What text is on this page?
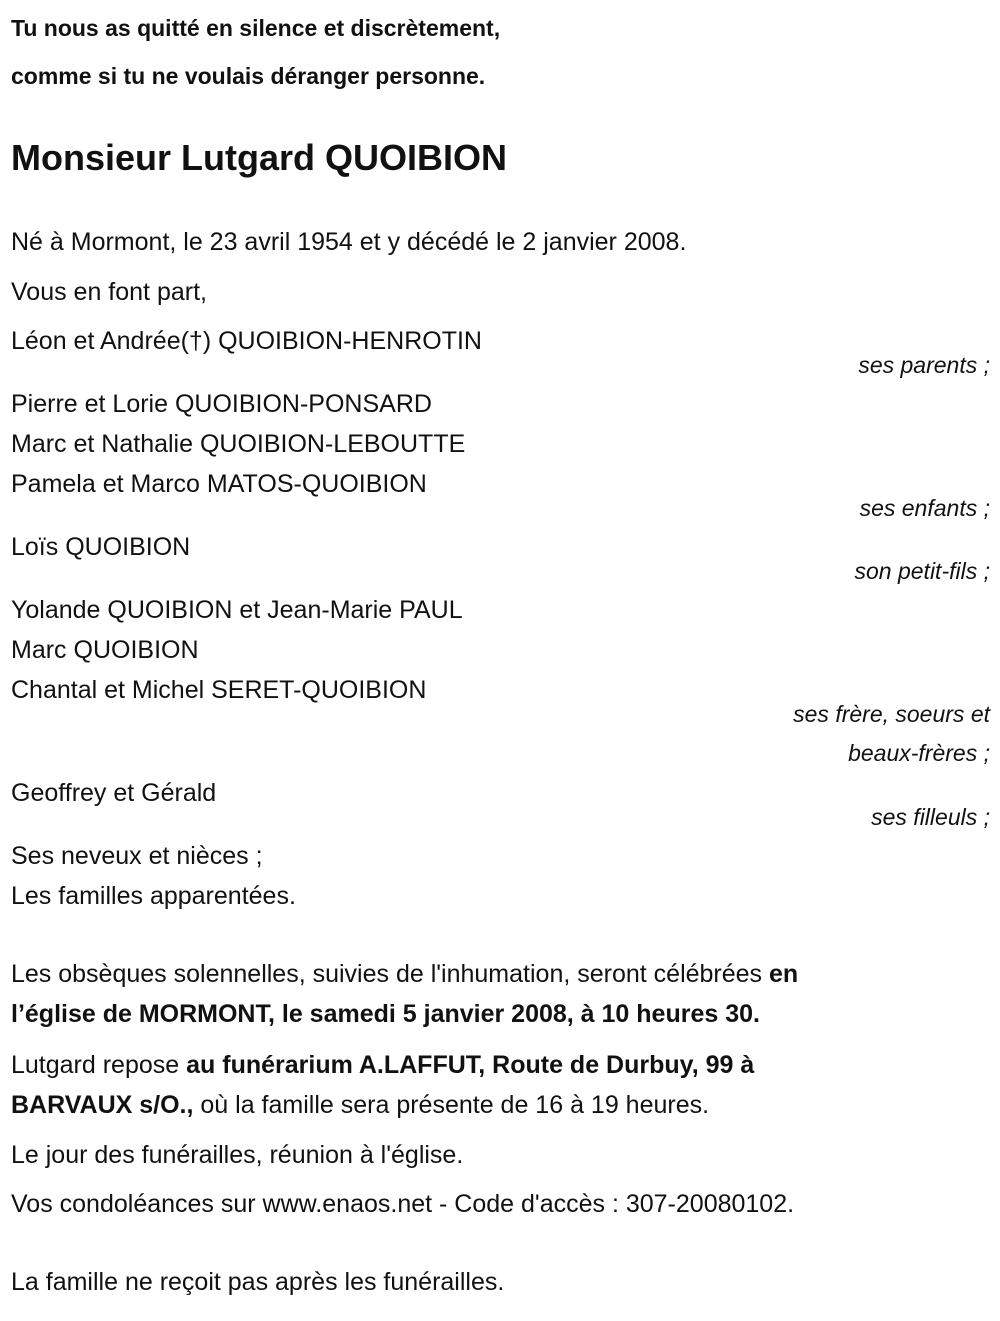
Tu nous as quitté en silence et discrètement,
comme si tu ne voulais déranger personne.
Monsieur Lutgard QUOIBION
Né à Mormont, le 23 avril 1954 et y décédé le 2 janvier 2008.
Vous en font part,
Léon et Andrée(†) QUOIBION-HENROTIN
ses parents ;
Pierre et Lorie QUOIBION-PONSARD
Marc et Nathalie QUOIBION-LEBOUTTE
Pamela et Marco MATOS-QUOIBION
ses enfants ;
Loïs QUOIBION
son petit-fils ;
Yolande QUOIBION et Jean-Marie PAUL
Marc QUOIBION
Chantal et Michel SERET-QUOIBION
ses frère, soeurs et
beaux-frères ;
Geoffrey et Gérald
ses filleuls ;
Ses neveux et nièces ;
Les familles apparentées.
Les obsèques solennelles, suivies de l'inhumation, seront célébrées en
l’église de MORMONT, le samedi 5 janvier 2008, à 10 heures 30.
Lutgard repose au funérarium A.LAFFUT, Route de Durbuy, 99 à
BARVAUX s/O., où la famille sera présente de 16 à 19 heures.
Le jour des funérailles, réunion à l'église.
Vos condoléances sur www.enaos.net - Code d'accès : 307-20080102.
La famille ne reçoit pas après les funérailles.
